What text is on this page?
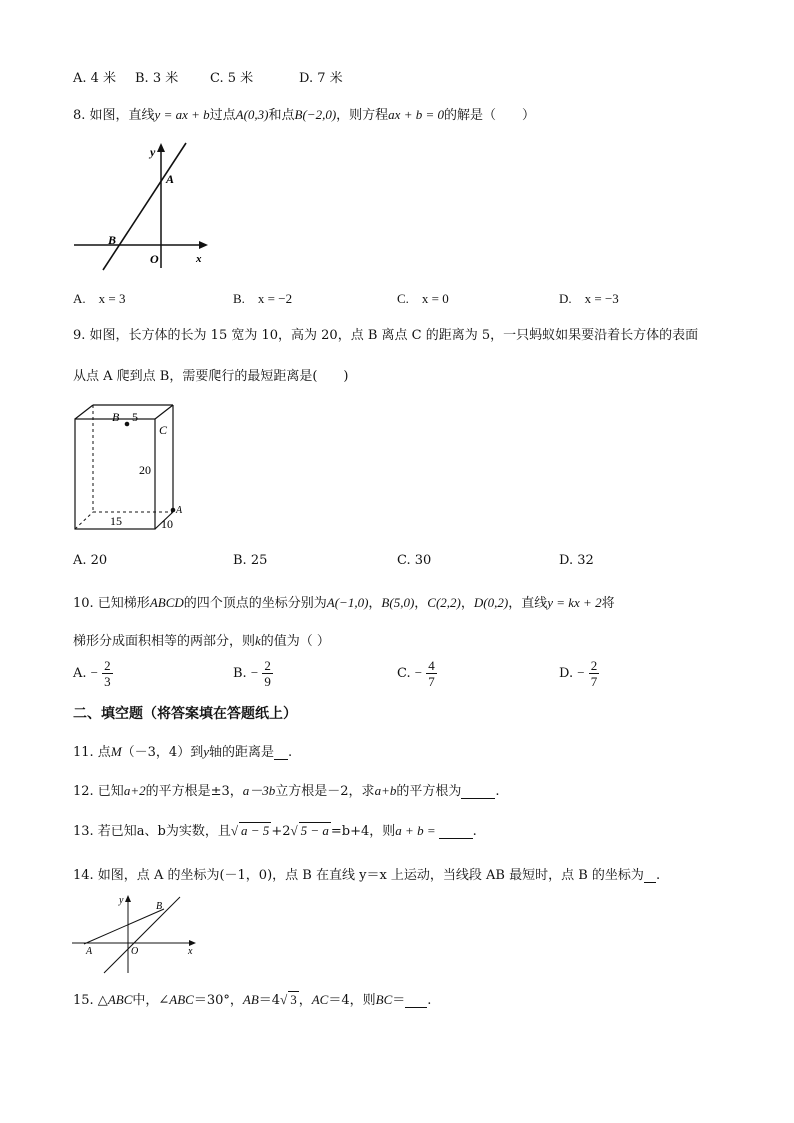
A. 4 米 B. 3 米 C. 5 米	D. 7 米
8. 如图，直线y = ax + b过点A(0,3)和点B(−2,0)，则方程ax + b = 0的解是（　　）
y
A
B
O	x
A.　x = 3	B.　x = −2	C.　x = 0	D.　x = −3
9. 如图，长方体的长为 15 宽为 10，高为 20，点 B 离点 C 的距离为 5，一只蚂蚁如果要沿着长方体的表面
从点 A 爬到点 B，需要爬行的最短距离是(　　)
B 5
C
20
A
15	10
A. 20	B. 25	C. 30	D. 32
10. 已知梯形ABCD的四个顶点的坐标分别为A(−1,0)，B(5,0)，C(2,2)，D(0,2)，直线y = kx + 2将
梯形分成面积相等的两部分，则k的值为（ ）
A. − $\frac{2}{3}$	B. − $\frac{2}{9}$	C. − $\frac{4}{7}$	D. − $\frac{2}{7}$
二、填空题（将答案填在答题纸上）
11. 点M（－3，4）到y轴的距离是 .
12. 已知a+2的平方根是±3，a－3b立方根是－2，求a+b的平方根为	.
13. 若已知a、b为实数，且√ a − 5 +2√ 5 − a =b+4，则a + b =	.
14. 如图，点 A 的坐标为(－1，0)，点 B 在直线 y＝x 上运动，当线段 AB 最短时，点 B 的坐标为 .
y
B
A	O	x
15. △ABC中，∠ABC＝30°，AB＝4√ 3 ，AC＝4，则BC＝ .
